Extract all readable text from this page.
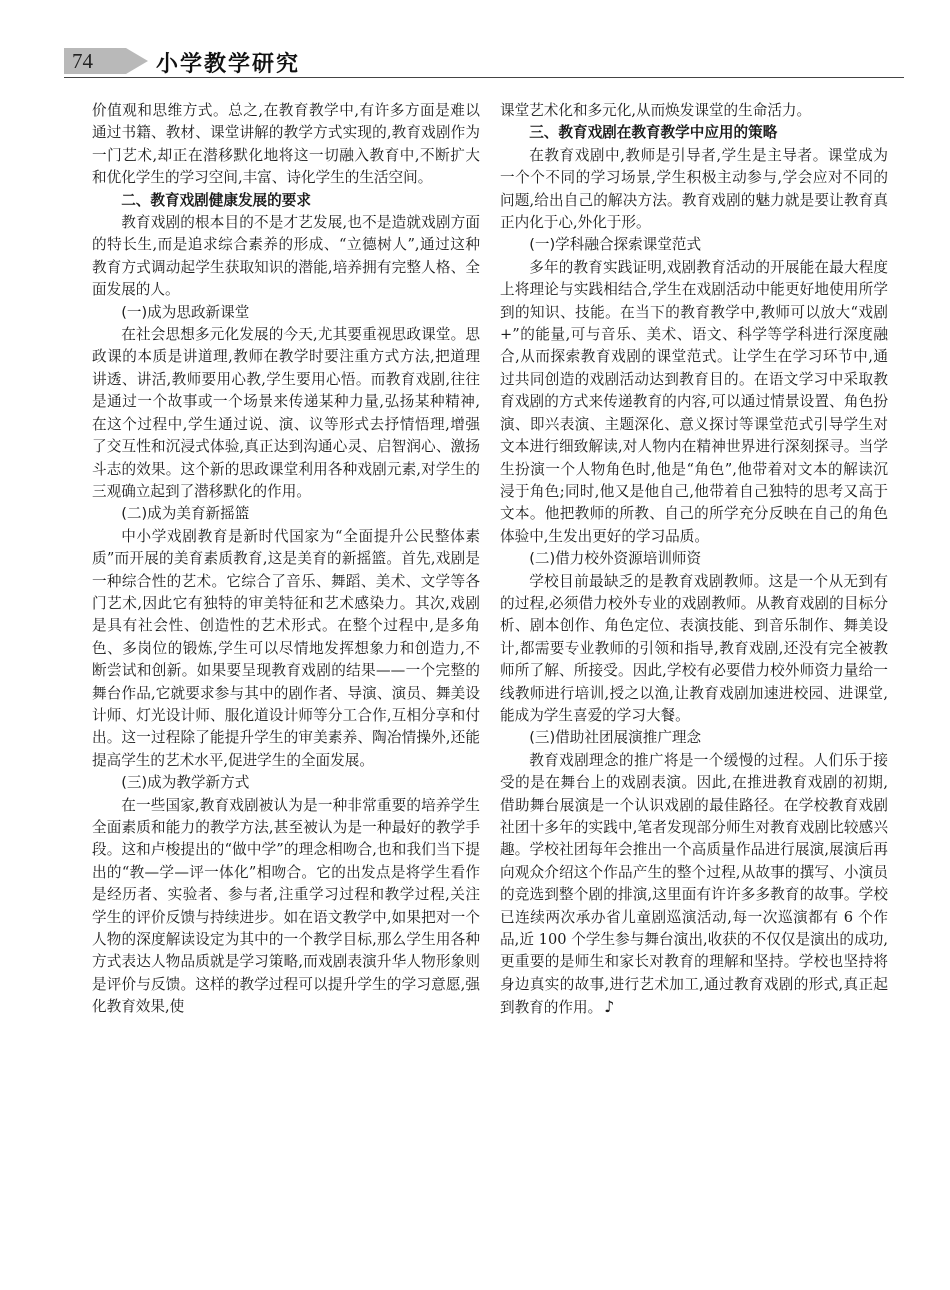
74	小学教学研究

价值观和思维方式。总之,在教育教学中,有许多方面是难以通过书籍、教材、课堂讲解的教学方式实现的,教育戏剧作为一门艺术,却正在潜移默化地将这一切融入教育中,不断扩大和优化学生的学习空间,丰富、诗化学生的生活空间。

二、教育戏剧健康发展的要求

教育戏剧的根本目的不是才艺发展,也不是造就戏剧方面的特长生,而是追求综合素养的形成、“立德树人”,通过这种教育方式调动起学生获取知识的潜能,培养拥有完整人格、全面发展的人。

(一)成为思政新课堂

在社会思想多元化发展的今天,尤其要重视思政课堂。思政课的本质是讲道理,教师在教学时要注重方式方法,把道理讲透、讲活,教师要用心教,学生要用心悟。而教育戏剧,往往是通过一个故事或一个场景来传递某种力量,弘扬某种精神,在这个过程中,学生通过说、演、议等形式去抒情悟理,增强了交互性和沉浸式体验,真正达到沟通心灵、启智润心、激扬斗志的效果。这个新的思政课堂利用各种戏剧元素,对学生的三观确立起到了潜移默化的作用。

(二)成为美育新摇篮

中小学戏剧教育是新时代国家为“全面提升公民整体素质”而开展的美育素质教育,这是美育的新摇篮。首先,戏剧是一种综合性的艺术。它综合了音乐、舞蹈、美术、文学等各门艺术,因此它有独特的审美特征和艺术感染力。其次,戏剧是具有社会性、创造性的艺术形式。在整个过程中,是多角色、多岗位的锻炼,学生可以尽情地发挥想象力和创造力,不断尝试和创新。如果要呈现教育戏剧的结果——一个完整的舞台作品,它就要求参与其中的剧作者、导演、演员、舞美设计师、灯光设计师、服化道设计师等分工合作,互相分享和付出。这一过程除了能提升学生的审美素养、陶冶情操外,还能提高学生的艺术水平,促进学生的全面发展。

(三)成为教学新方式

在一些国家,教育戏剧被认为是一种非常重要的培养学生全面素质和能力的教学方法,甚至被认为是一种最好的教学手段。这和卢梭提出的“做中学”的理念相吻合,也和我们当下提出的“教—学—评一体化”相吻合。它的出发点是将学生看作是经历者、实验者、参与者,注重学习过程和教学过程,关注学生的评价反馈与持续进步。如在语文教学中,如果把对一个人物的深度解读设定为其中的一个教学目标,那么学生用各种方式表达人物品质就是学习策略,而戏剧表演升华人物形象则是评价与反馈。这样的教学过程可以提升学生的学习意愿,强化教育效果,使

课堂艺术化和多元化,从而焕发课堂的生命活力。

三、教育戏剧在教育教学中应用的策略

在教育戏剧中,教师是引导者,学生是主导者。课堂成为一个个不同的学习场景,学生积极主动参与,学会应对不同的问题,给出自己的解决方法。教育戏剧的魅力就是要让教育真正内化于心,外化于形。

(一)学科融合探索课堂范式

多年的教育实践证明,戏剧教育活动的开展能在最大程度上将理论与实践相结合,学生在戏剧活动中能更好地使用所学到的知识、技能。在当下的教育教学中,教师可以放大“戏剧+”的能量,可与音乐、美术、语文、科学等学科进行深度融合,从而探索教育戏剧的课堂范式。让学生在学习环节中,通过共同创造的戏剧活动达到教育目的。在语文学习中采取教育戏剧的方式来传递教育的内容,可以通过情景设置、角色扮演、即兴表演、主题深化、意义探讨等课堂范式引导学生对文本进行细致解读,对人物内在精神世界进行深刻探寻。当学生扮演一个人物角色时,他是“角色”,他带着对文本的解读沉浸于角色;同时,他又是他自己,他带着自己独特的思考又高于文本。他把教师的所教、自己的所学充分反映在自己的角色体验中,生发出更好的学习品质。

(二)借力校外资源培训师资

学校目前最缺乏的是教育戏剧教师。这是一个从无到有的过程,必须借力校外专业的戏剧教师。从教育戏剧的目标分析、剧本创作、角色定位、表演技能、到音乐制作、舞美设计,都需要专业教师的引领和指导,教育戏剧,还没有完全被教师所了解、所接受。因此,学校有必要借力校外师资力量给一线教师进行培训,授之以渔,让教育戏剧加速进校园、进课堂,能成为学生喜爱的学习大餐。

(三)借助社团展演推广理念

教育戏剧理念的推广将是一个缓慢的过程。人们乐于接受的是在舞台上的戏剧表演。因此,在推进教育戏剧的初期,借助舞台展演是一个认识戏剧的最佳路径。在学校教育戏剧社团十多年的实践中,笔者发现部分师生对教育戏剧比较感兴趣。学校社团每年会推出一个高质量作品进行展演,展演后再向观众介绍这个作品产生的整个过程,从故事的撰写、小演员的竞选到整个剧的排演,这里面有许许多多教育的故事。学校已连续两次承办省儿童剧巡演活动,每一次巡演都有 6 个作品,近 100 个学生参与舞台演出,收获的不仅仅是演出的成功,更重要的是师生和家长对教育的理解和坚持。学校也坚持将身边真实的故事,进行艺术加工,通过教育戏剧的形式,真正起到教育的作用。 ♪
